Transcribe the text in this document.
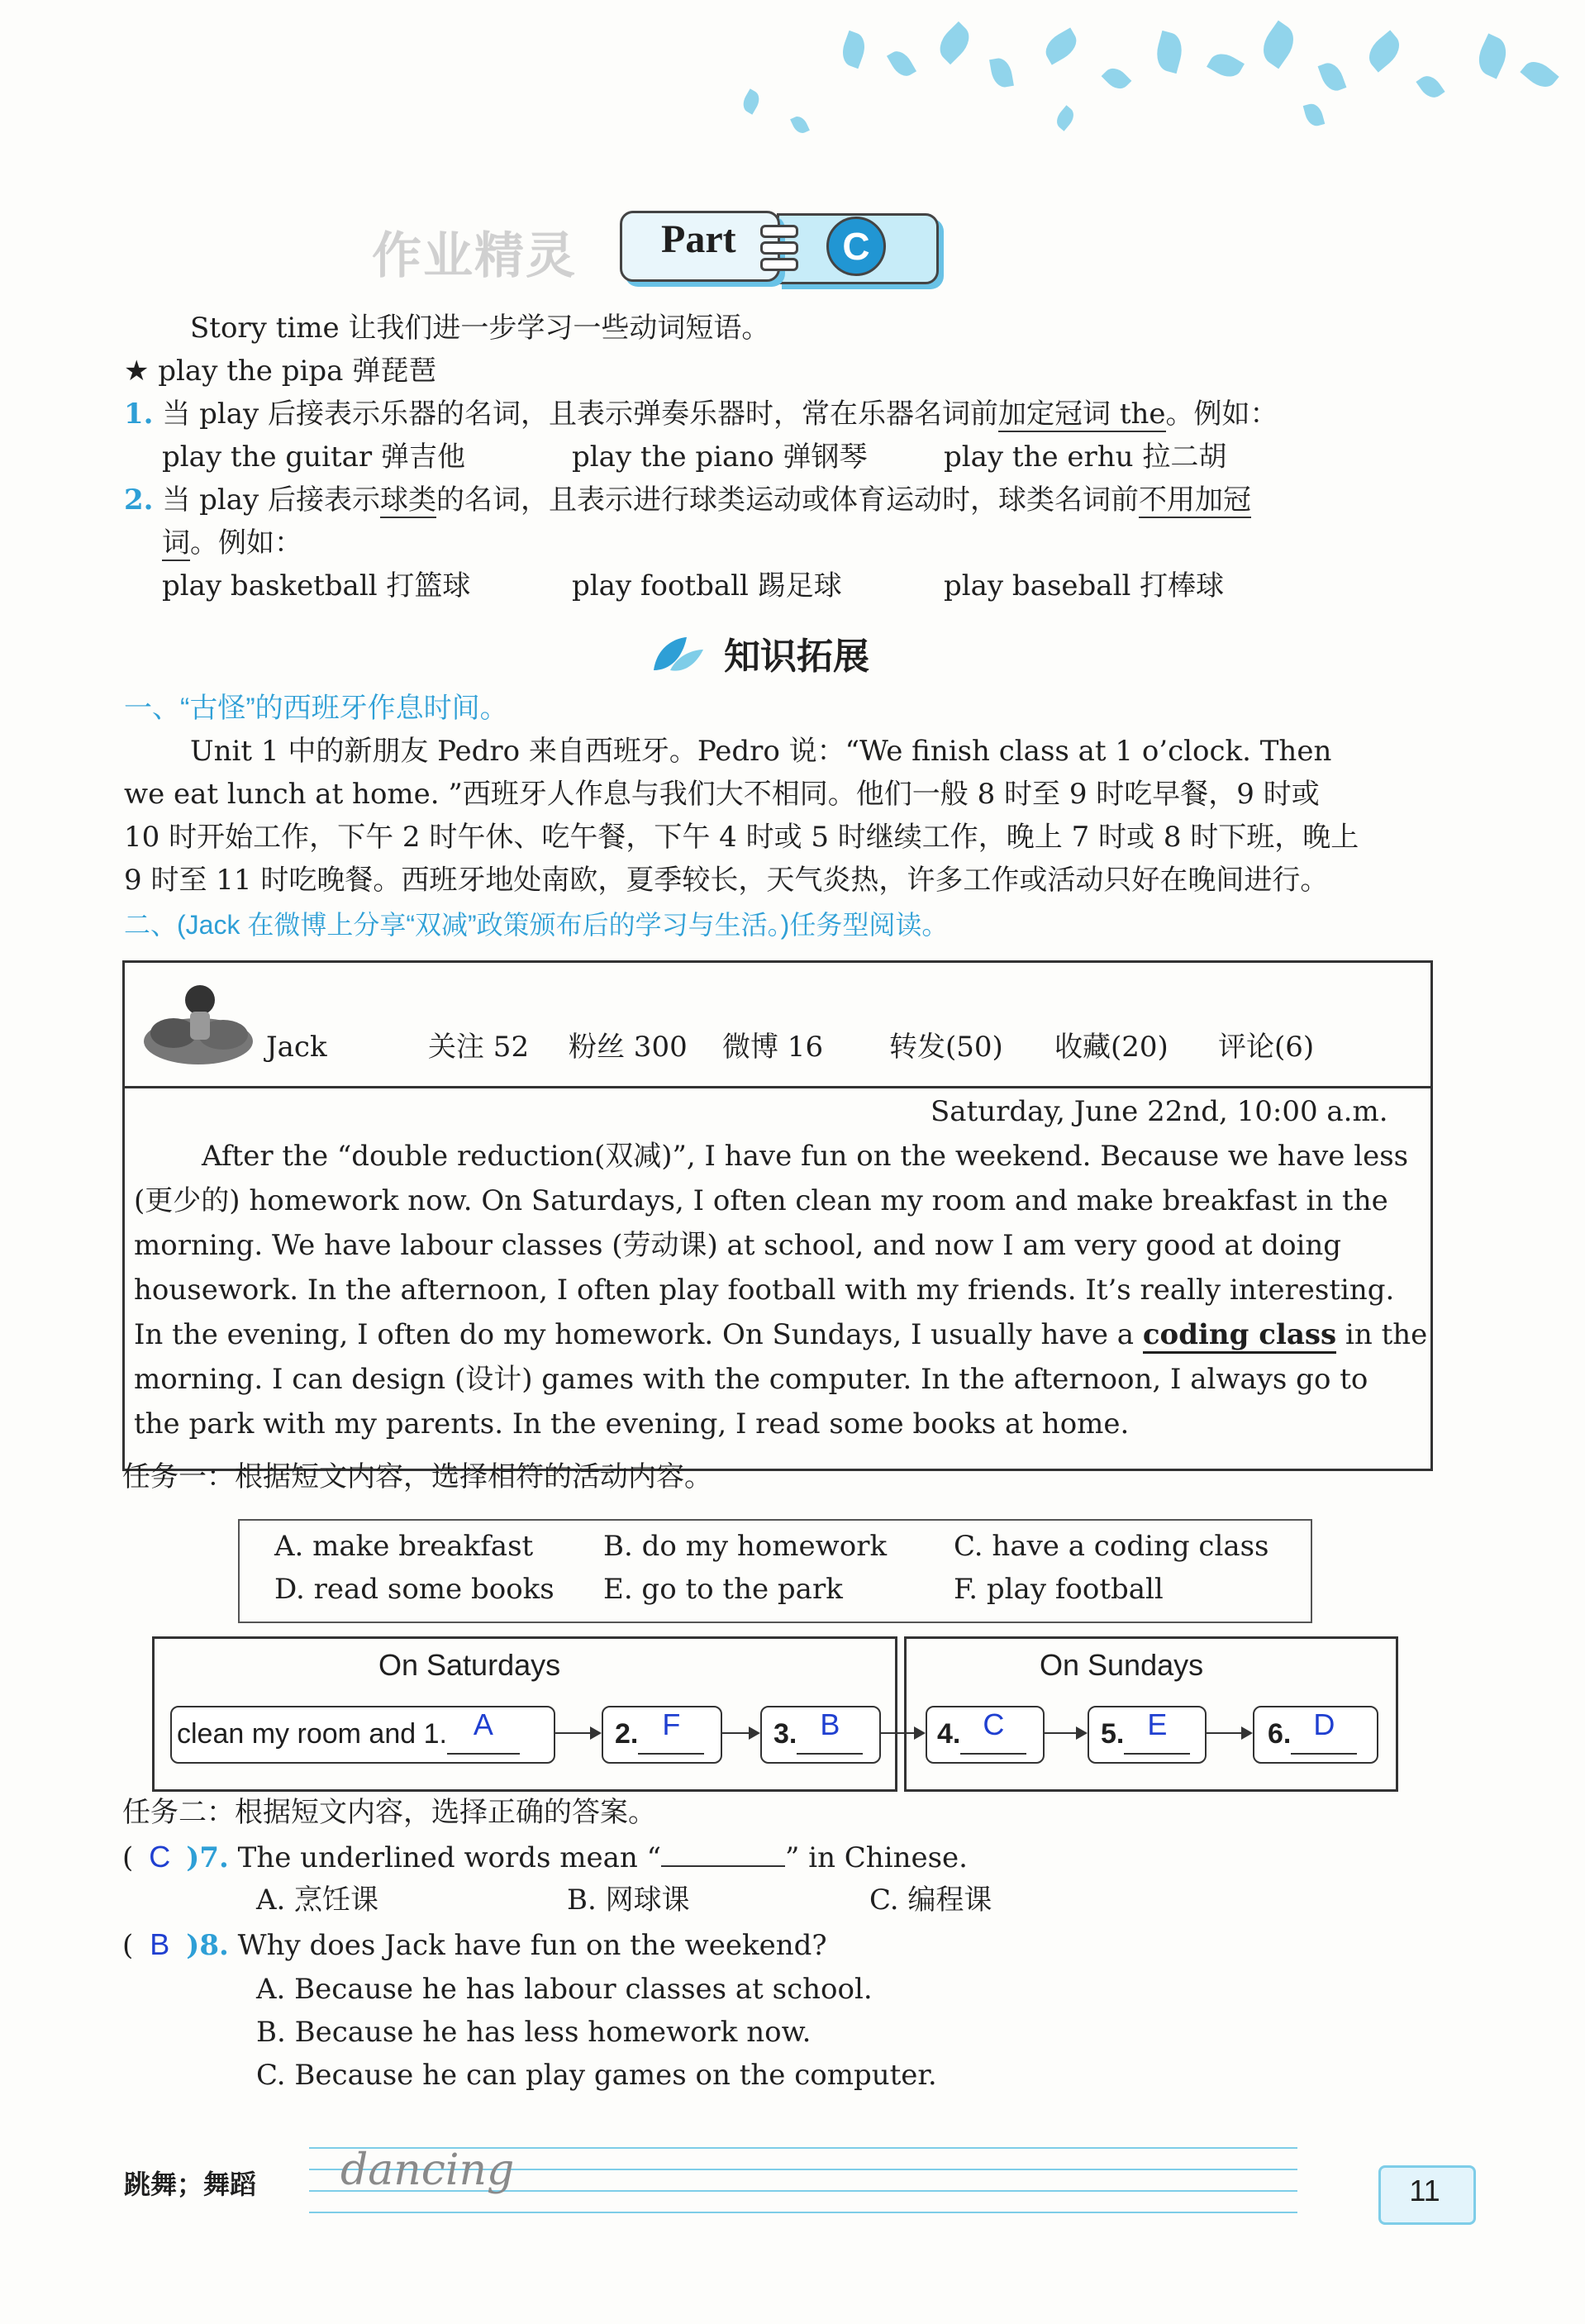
作业精灵 Part	C
Story time 让我们进一步学习一些动词短语。
★ play the pipa 弹琵琶
1. 当 play 后接表示乐器的名词，且表示弹奏乐器时，常在乐器名词前加定冠词 the。例如：
play the guitar 弹吉他	play the piano 弹钢琴	play the erhu 拉二胡
2. 当 play 后接表示球类的名词，且表示进行球类运动或体育运动时，球类名词前不用加冠
词。例如：
play basketball 打篮球	play football 踢足球	play baseball 打棒球
知识拓展
一、“古怪”的西班牙作息时间。
Unit 1 中的新朋友 Pedro 来自西班牙。Pedro 说：“We finish class at 1 o’clock. Then
we eat lunch at home. ”西班牙人作息与我们大不相同。他们一般 8 时至 9 时吃早餐，9 时或
10 时开始工作，下午 2 时午休、吃午餐，下午 4 时或 5 时继续工作，晚上 7 时或 8 时下班，晚上
9 时至 11 时吃晚餐。西班牙地处南欧，夏季较长，天气炎热，许多工作或活动只好在晚间进行。
二、(Jack 在微博上分享“双减”政策颁布后的学习与生活。)任务型阅读。
Jack	关注 52 粉丝 300 微博 16 转发(50) 收藏(20) 评论(6)
Saturday, June 22nd, 10:00 a.m.
After the “double reduction(双减)”, I have fun on the weekend. Because we have less
(更少的) homework now. On Saturdays, I often clean my room and make breakfast in the
morning. We have labour classes (劳动课) at school, and now I am very good at doing
housework. In the afternoon, I often play football with my friends. It’s really interesting.
In the evening, I often do my homework. On Sundays, I usually have a coding class in the
morning. I can design (设计) games with the computer. In the afternoon, I always go to
the park with my parents. In the evening, I read some books at home.
任务一：根据短文内容，选择相符的活动内容。
A. make breakfast B. do my homework C. have a coding class
D. read some books E. go to the park	F. play football
On Saturdays	On Sundays
clean my room and 1. A	2. F	3. B	4. C	5. E	6. D
任务二：根据短文内容，选择正确的答案。
( C )7. The underlined words mean “	” in Chinese.
A. 烹饪课	B. 网球课	C. 编程课
( B )8. Why does Jack have fun on the weekend?
A. Because he has labour classes at school.
B. Because he has less homework now.
C. Because he can play games on the computer.
跳舞；舞蹈 dancing	11
